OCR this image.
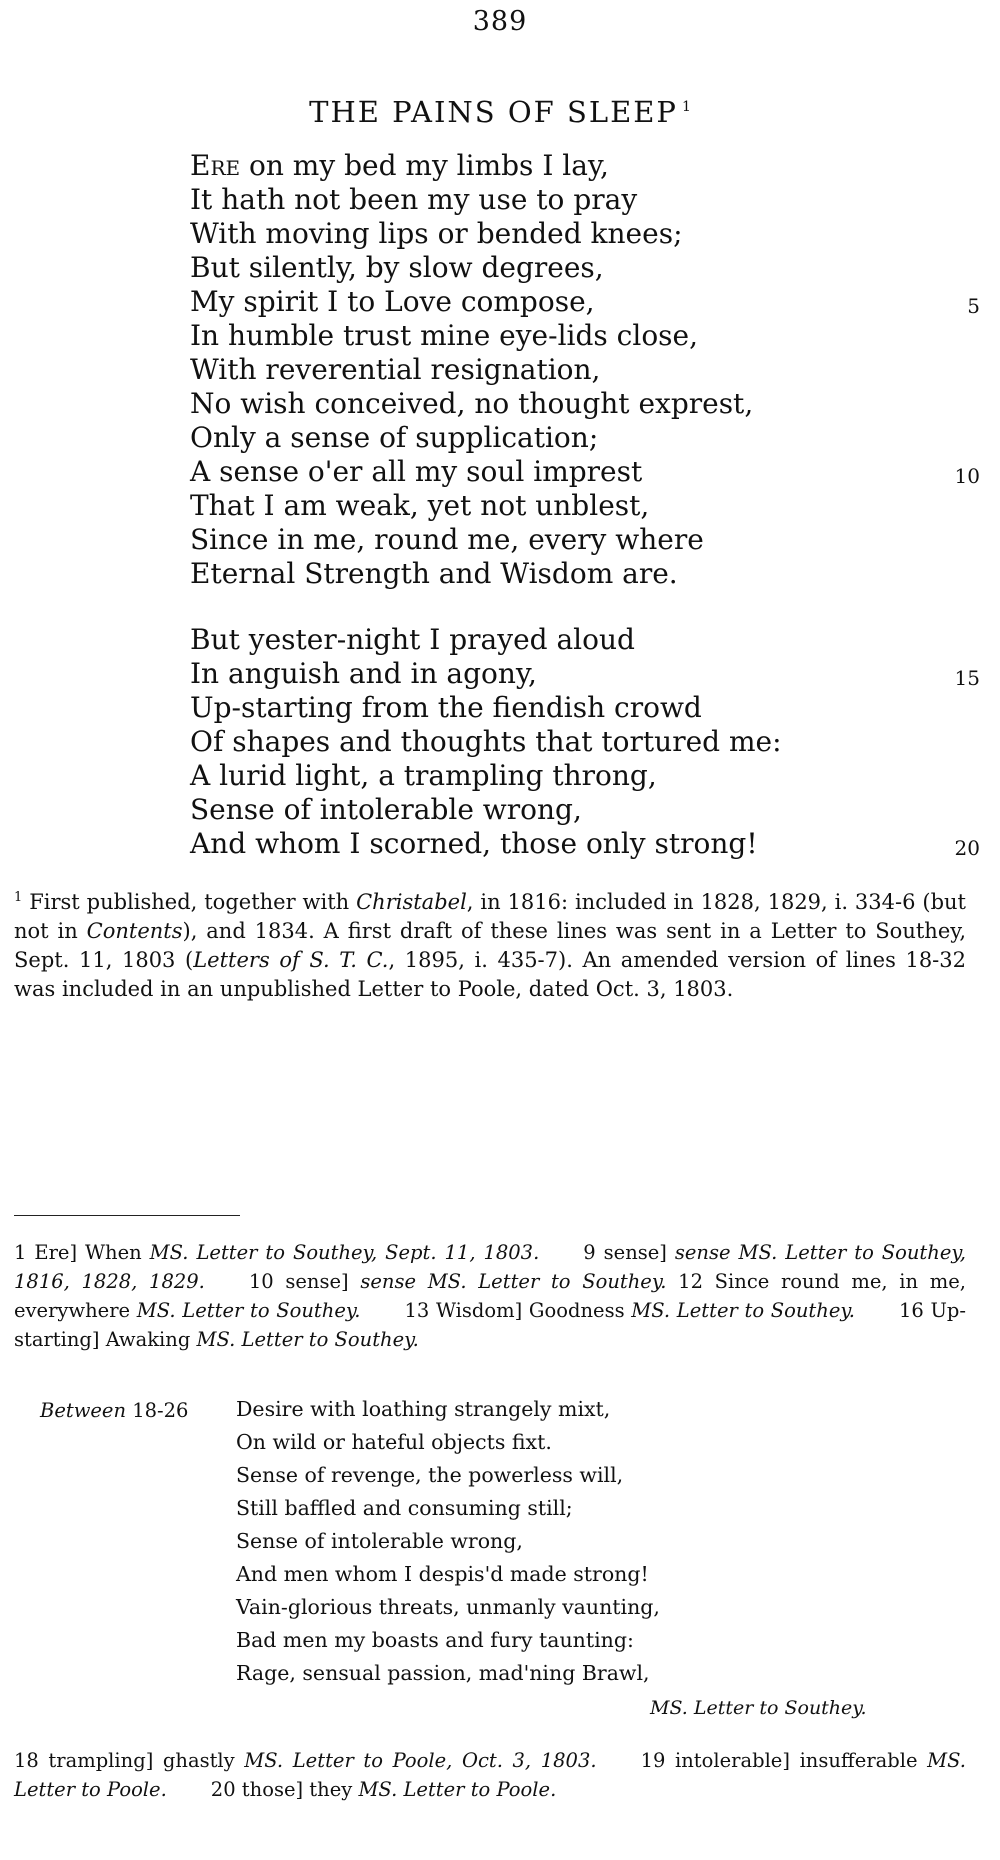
389
THE PAINS OF SLEEP $^1$
Ere on my bed my limbs I lay,
It hath not been my use to pray
With moving lips or bended knees;
But silently, by slow degrees,
My spirit I to Love compose,
In humble trust mine eye-lids close,
With reverential resignation,
No wish conceived, no thought exprest,
Only a sense of supplication;
A sense o'er all my soul imprest
That I am weak, yet not unblest,
Since in me, round me, every where
Eternal Strength and Wisdom are.
But yester-night I prayed aloud
In anguish and in agony,
Up-starting from the fiendish crowd
Of shapes and thoughts that tortured me:
A lurid light, a trampling throng,
Sense of intolerable wrong,
And whom I scorned, those only strong!
5
10
15
20

$^1$ First published, together with Christabel, in 1816: included in 1828, 1829, i. 334-6 (but not in Contents), and 1834. A first draft of these lines was sent in a Letter to Southey, Sept. 11, 1803 (Letters of S. T. C., 1895, i. 435-7). An amended version of lines 18-32 was included in an unpublished Letter to Poole, dated Oct. 3, 1803.

1 Ere] When MS. Letter to Southey, Sept. 11, 1803. 9 sense] sense MS. Letter to Southey, 1816, 1828, 1829. 10 sense] sense MS. Letter to Southey. 12 Since round me, in me, everywhere MS. Letter to Southey. 13 Wisdom] Goodness MS. Letter to Southey. 16 Up-starting] Awaking MS. Letter to Southey.

Between 18-26 Desire with loathing strangely mixt,
On wild or hateful objects fixt.
Sense of revenge, the powerless will,
Still baffled and consuming still;
Sense of intolerable wrong,
And men whom I despis'd made strong!
Vain-glorious threats, unmanly vaunting,
Bad men my boasts and fury taunting:
Rage, sensual passion, mad'ning Brawl,
MS. Letter to Southey.

18 trampling] ghastly MS. Letter to Poole, Oct. 3, 1803. 19 intolerable] insufferable MS. Letter to Poole. 20 those] they MS. Letter to Poole.
